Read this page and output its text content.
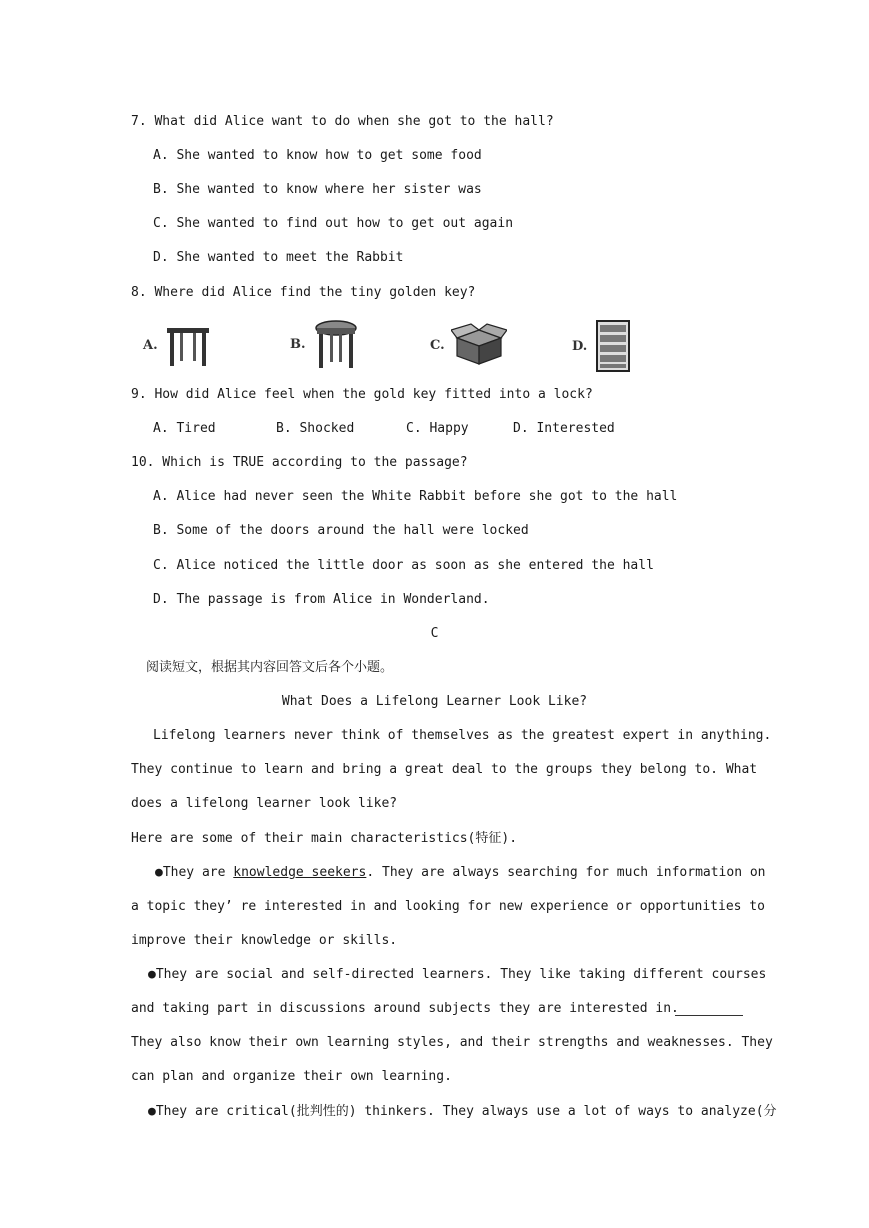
7. What did Alice want to do when she got to the hall?
A. She wanted to know how to get some food
B. She wanted to know where her sister was
C. She wanted to find out how to get out again
D. She wanted to meet the Rabbit
8. Where did Alice find the tiny golden key?
A.	B.	C.	D.
9. How did Alice feel when the gold key fitted into a lock?
A. Tired	B. Shocked	C. Happy	D. Interested
10. Which is TRUE according to the passage?
A. Alice had never seen the White Rabbit before she got to the hall
B. Some of the doors around the hall were locked
C. Alice noticed the little door as soon as she entered the hall
D. The passage is from Alice in Wonderland.
C
阅读短文，根据其内容回答文后各个小题。
What Does a Lifelong Learner Look Like?
Lifelong learners never think of themselves as the greatest expert in anything.
They continue to learn and bring a great deal to the groups they belong to. What
does a lifelong learner look like?
Here are some of their main characteristics(特征).
●They are knowledge seekers. They are always searching for much information on
a topic they’ re interested in and looking for new experience or opportunities to
improve their knowledge or skills.
●They are social and self-directed learners. They like taking different courses
and taking part in discussions around subjects they are interested in.
They also know their own learning styles, and their strengths and weaknesses. They
can plan and organize their own learning.
●They are critical(批判性的) thinkers. They always use a lot of ways to analyze(分
